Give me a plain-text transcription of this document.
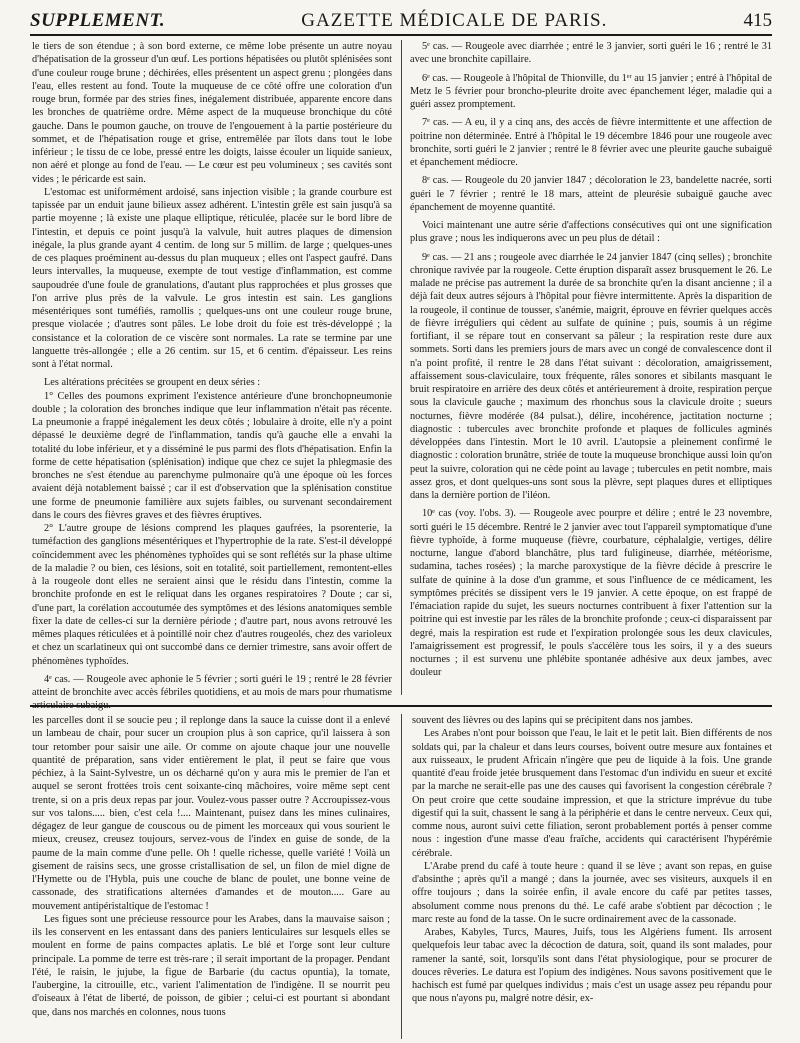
SUPPLEMENT.	GAZETTE MÉDICALE DE PARIS.	415

le tiers de son étendue ; à son bord externe, ce même lobe présente un autre noyau d'hépatisation de la grosseur d'un œuf. Les portions hépatisées ou plutôt splénisées sont d'une couleur rouge brune ; déchirées, elles présentent un aspect grenu ; plongées dans l'eau, elles restent au fond. Toute la muqueuse de ce côté offre une coloration d'un rouge brun, formée par des stries fines, inégalement distribuée, apparente encore dans les bronches de quatrième ordre. Même aspect de la muqueuse bronchique du côté gauche. Dans le poumon gauche, on trouve de l'engouement à la partie postérieure du sommet, et de l'hépatisation rouge et grise, entremêlée par îlots dans tout le lobe inférieur ; le tissu de ce lobe, pressé entre les doigts, laisse écouler un liquide sanieux, non aéré et plonge au fond de l'eau. — Le cœur est peu volumineux ; ses cavités sont vides ; le péricarde est sain.

L'estomac est uniformément ardoisé, sans injection visible ; la grande courbure est tapissée par un enduit jaune bilieux assez adhérent. L'intestin grêle est sain jusqu'à sa partie moyenne ; là existe une plaque elliptique, réticulée, placée sur le bord libre de l'intestin, et depuis ce point jusqu'à la valvule, huit autres plaques de dimension inégale, la plus grande ayant 4 centim. de long sur 5 millim. de large ; quelques-unes de ces plaques proéminent au-dessus du plan muqueux ; elles ont l'aspect gaufré. Dans leurs intervalles, la muqueuse, exempte de tout vestige d'inflammation, est comme saupoudrée d'une foule de granulations, d'autant plus rapprochées et plus grosses que l'on arrive plus près de la valvule. Le gros intestin est sain. Les ganglions mésentériques sont tuméfiés, ramollis ; quelques-uns ont une couleur rouge brune, presque violacée ; d'autres sont pâles. Le lobe droit du foie est très-développé ; la consistance et la coloration de ce viscère sont normales. La rate se termine par une languette très-allongée ; elle a 26 centim. sur 15, et 6 centim. d'épaisseur. Les reins sont à l'état normal.

Les altérations précitées se groupent en deux séries :

1° Celles des poumons expriment l'existence antérieure d'une bronchopneumonie double ; la coloration des bronches indique que leur inflammation n'était pas récente. La pneumonie a frappé inégalement les deux côtés ; lobulaire à droite, elle n'y a point dépassé le deuxième degré de l'inflammation, tandis qu'à gauche elle a envahi la totalité du lobe inférieur, et y a disséminé le pus parmi des flots d'hépatisation. Enfin la forme de cette hépatisation (splénisation) indique que chez ce sujet la phlegmasie des bronches ne s'est étendue au parenchyme pulmonaire qu'à une époque où les forces avaient déjà notablement baissé ; car il est d'observation que la splénisation constitue une forme de pneumonie familière aux sujets faibles, ou survenant secondairement dans le cours des fièvres graves et des fièvres éruptives.

2° L'autre groupe de lésions comprend les plaques gaufrées, la psorenterie, la tuméfaction des ganglions mésentériques et l'hypertrophie de la rate. S'est-il développé coïncidemment avec les phénomènes typhoïdes qui se sont reflétés sur la phase ultime de la maladie ? ou bien, ces lésions, soit en totalité, soit partiellement, remontent-elles à la rougeole dont elles ne seraient ainsi que le résidu dans l'intestin, comme la bronchite profonde en est le reliquat dans les organes respiratoires ? Doute ; car si, d'une part, la corélation accoutumée des symptômes et des lésions anatomiques semble fixer la date de celles-ci sur la dernière période ; d'autre part, nous avons retrouvé les mêmes plaques réticulées et à pointillé noir chez d'autres rougeolés, chez des varioleux et chez un scarlatineux qui ont succombé dans ce dernier trimestre, sans avoir offert de phénomènes typhoïdes.

4ᵉ cas. — Rougeole avec aphonie le 5 février ; sorti guéri le 19 ; rentré le 28 février atteint de bronchite avec accès fébriles quotidiens, et au mois de mars pour rhumatisme articulaire subaigu.

5ᵉ cas. — Rougeole avec diarrhée ; entré le 3 janvier, sorti guéri le 16 ; rentré le 31 avec une bronchite capillaire.

6ᵉ cas. — Rougeole à l'hôpital de Thionville, du 1ᵉʳ au 15 janvier ; entré à l'hôpital de Metz le 5 février pour broncho-pleurite droite avec épanchement léger, maladie qui a guéri assez promptement.

7ᵉ cas. — A eu, il y a cinq ans, des accès de fièvre intermittente et une affection de poitrine non déterminée. Entré à l'hôpital le 19 décembre 1846 pour une rougeole avec bronchite, sorti guéri le 2 janvier ; rentré le 8 février avec une pleurite gauche subaiguë et épanchement médiocre.

8ᵉ cas. — Rougeole du 20 janvier 1847 ; décoloration le 23, bandelette nacrée, sorti guéri le 7 février ; rentré le 18 mars, atteint de pleurésie subaiguë gauche avec épanchement de moyenne quantité.

Voici maintenant une autre série d'affections consécutives qui ont une signification plus grave ; nous les indiquerons avec un peu plus de détail :

9ᵉ cas. — 21 ans ; rougeole avec diarrhée le 24 janvier 1847 (cinq selles) ; bronchite chronique ravivée par la rougeole. Cette éruption disparaît assez brusquement le 26. Le malade ne précise pas autrement la durée de sa bronchite qu'en la disant ancienne ; il a déjà fait deux autres séjours à l'hôpital pour fièvre intermittente. Après la disparition de la rougeole, il continue de tousser, s'anémie, maigrit, éprouve en février quelques accès de fièvre irréguliers qui cèdent au sulfate de quinine ; puis, soumis à un régime fortifiant, il se répare tout en conservant sa pâleur ; la respiration reste dure aux sommets. Sorti dans les premiers jours de mars avec un congé de convalescence dont il n'a point profité, il rentre le 28 dans l'état suivant : décoloration, amaigrissement, affaissement sous-claviculaire, toux fréquente, râles sonores et sibilants masquant le bruit respiratoire en arrière des deux côtés et antérieurement à droite, respiration perçue sous la clavicule gauche ; maximum des rhonchus sous la clavicule droite ; sueurs nocturnes, fièvre modérée (84 pulsat.), délire, incohérence, jactitation nocturne ; diagnostic : tubercules avec bronchite profonde et plaques de follicules agminés développées dans l'intestin. Mort le 10 avril. L'autopsie a pleinement confirmé le diagnostic : coloration brunâtre, striée de toute la muqueuse bronchique aussi loin qu'on peut la suivre, coloration qui ne cède point au lavage ; tubercules en petit nombre, mais assez gros, et dont quelques-uns sont sous la plèvre, sept plaques dures et elliptiques dans la dernière portion de l'iléon.

10ᵉ cas (voy. l'obs. 3). — Rougeole avec pourpre et délire ; entré le 23 novembre, sorti guéri le 15 décembre. Rentré le 2 janvier avec tout l'appareil symptomatique d'une fièvre typhoïde, à forme muqueuse (fièvre, courbature, céphalalgie, vertiges, délire nocturne, langue d'abord blanchâtre, plus tard fuligineuse, diarrhée, météorisme, sudamina, taches rosées) ; la marche paroxystique de la fièvre décide à prescrire le sulfate de quinine à la dose d'un gramme, et sous l'influence de ce médicament, les symptômes précités se dissipent vers le 19 janvier. A cette époque, on est frappé de l'émaciation rapide du sujet, les sueurs nocturnes contribuent à fixer l'attention sur la poitrine qui est investie par les râles de la bronchite profonde ; ceux-ci disparaissent par degré, mais la respiration est rude et l'expiration prolongée sous les deux clavicules, l'amaigrissement est progressif, le pouls s'accélère tous les soirs, il y a des sueurs nocturnes ; il est survenu une phlébite spontanée adhésive aux deux jambes, avec douleur

les parcelles dont il se soucie peu ; il replonge dans la sauce la cuisse dont il a enlevé un lambeau de chair, pour sucer un croupion plus à son caprice, qu'il laissera à son tour retomber pour saisir une aile. Or comme on ajoute chaque jour une nouvelle quantité de préparation, sans vider entièrement le plat, il peut se faire que vous péchiez, à la Saint-Sylvestre, un os décharné qu'on y aura mis le premier de l'an et auquel se seront frottées trois cent soixante-cinq mâchoires, voire même sept cent trente, si on a pris deux repas par jour. Voulez-vous passer outre ? Accroupissez-vous sur vos talons..... bien, c'est cela !.... Maintenant, puisez dans les mines culinaires, dégagez de leur gangue de couscous ou de piment les morceaux qui vous sourient le mieux, creusez, creusez toujours, servez-vous de l'index en guise de sonde, de la paume de la main comme d'une pelle. Oh ! quelle richesse, quelle variété ! Voilà un gisement de raisins secs, une grosse cristallisation de sel, un filon de miel digne de l'Hymette ou de l'Hybla, puis une couche de blanc de poulet, une bonne veine de cassonade, des stratifications alternées d'amandes et de mouton..... Gare au mouvement antipéristaltique de l'estomac !

Les figues sont une précieuse ressource pour les Arabes, dans la mauvaise saison ; ils les conservent en les entassant dans des paniers lenticulaires sur lesquels elles se moulent en forme de pains compactes aplatis. Le blé et l'orge sont leur culture principale. La pomme de terre est très-rare ; il serait important de la propager. Pendant l'été, le raisin, le jujube, la figue de Barbarie (du cactus opuntia), la tomate, l'aubergine, la citrouille, etc., varient l'alimentation de l'indigène. Il se nourrit peu d'oiseaux à l'état de liberté, de poisson, de gibier ; celui-ci est pourtant si abondant que, dans nos marchés en colonnes, nous tuons

souvent des lièvres ou des lapins qui se précipitent dans nos jambes.

Les Arabes n'ont pour boisson que l'eau, le lait et le petit lait. Bien différents de nos soldats qui, par la chaleur et dans leurs courses, boivent outre mesure aux fontaines et aux ruisseaux, le prudent Africain n'ingère que peu de liquide à la fois. Une grande quantité d'eau froide jetée brusquement dans l'estomac d'un individu en sueur et excité par la marche ne serait-elle pas une des causes qui favorisent la congestion cérébrale ? On peut croire que cette soudaine impression, et que la stricture imprévue du tube digestif qui la suit, chassent le sang à la périphérie et dans le centre nerveux. Ceux qui, comme nous, auront suivi cette filiation, seront probablement portés à penser comme nous : ingestion d'une masse d'eau fraîche, accidents qui caractérisent l'hypérémie cérébrale.

L'Arabe prend du café à toute heure : quand il se lève ; avant son repas, en guise d'absinthe ; après qu'il a mangé ; dans la journée, avec ses visiteurs, auxquels il en offre toujours ; dans la soirée enfin, il avale encore du café par petites tasses, absolument comme nous prenons du thé. Le café arabe s'obtient par décoction ; le marc reste au fond de la tasse. On le sucre ordinairement avec de la cassonade.

Arabes, Kabyles, Turcs, Maures, Juifs, tous les Algériens fument. Ils arrosent quelquefois leur tabac avec la décoction de datura, soit, quand ils sont malades, pour ramener la santé, soit, lorsqu'ils sont dans l'état physiologique, pour se procurer de douces rêveries. Le datura est l'opium des indigènes. Nous savons positivement que le hachisch est fumé par quelques individus ; mais c'est un usage assez peu répandu pour que nous n'ayons pu, malgré notre désir, ex-
